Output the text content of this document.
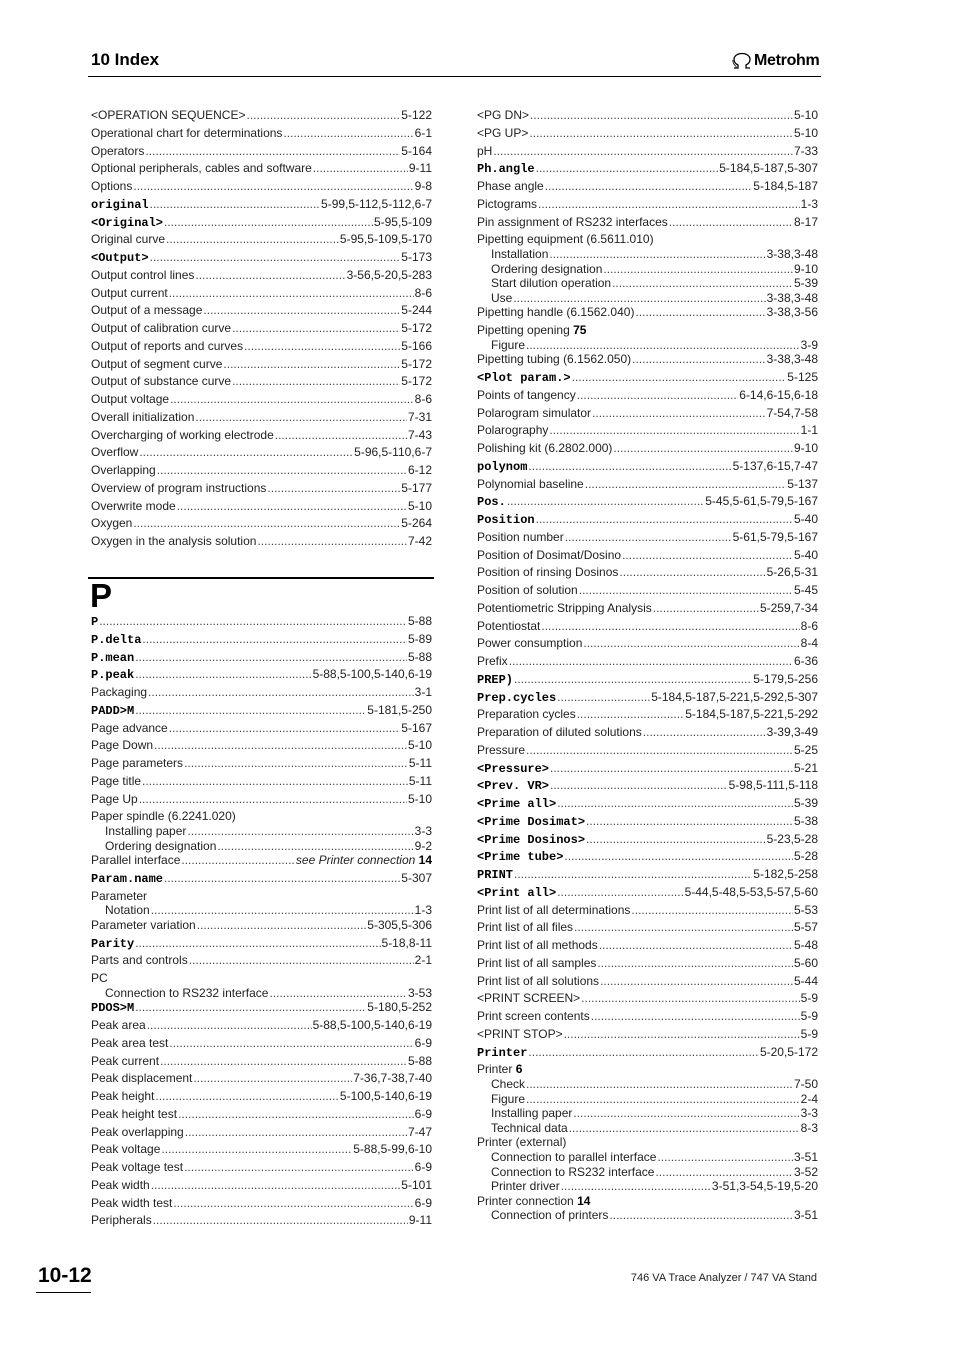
10 Index	Metrohm
<OPERATION SEQUENCE> .....	5-122
Operational chart for determinations .....	6-1
Operators .....	5-164
Optional peripherals, cables and software .....	9-11
Options .....	9-8
original .....	5-99,5-112,5-112,6-7
<Original> .....	5-95,5-109
Original curve .....	5-95,5-109,5-170
<Output> .....	5-173
Output control lines .....	3-56,5-20,5-283
Output current .....	8-6
Output of a message .....	5-244
Output of calibration curve .....	5-172
Output of reports and curves .....	5-166
Output of segment curve .....	5-172
Output of substance curve .....	5-172
Output voltage .....	8-6
Overall initialization .....	7-31
Overcharging of working electrode .....	7-43
Overflow .....	5-96,5-110,6-7
Overlapping .....	6-12
Overview of program instructions .....	5-177
Overwrite mode .....	5-10
Oxygen .....	5-264
Oxygen in the analysis solution .....	7-42
P
P .....	5-88
P.delta .....	5-89
P.mean .....	5-88
P.peak .....	5-88,5-100,5-140,6-19
Packaging .....	3-1
PADD>M .....	5-181,5-250
Page advance .....	5-167
Page Down .....	5-10
Page parameters .....	5-11
Page title .....	5-11
Page Up .....	5-10
Paper spindle (6.2241.020)
Installing paper .....	3-3
Ordering designation .....	9-2
Parallel interface .....	see Printer connection 14
Param.name .....	5-307
Parameter
Notation .....	1-3
Parameter variation .....	5-305,5-306
Parity .....	5-18,8-11
Parts and controls .....	2-1
PC
Connection to RS232 interface .....	3-53
PDOS>M .....	5-180,5-252
Peak area .....	5-88,5-100,5-140,6-19
Peak area test .....	6-9
Peak current .....	5-88
Peak displacement .....	7-36,7-38,7-40
Peak height .....	5-100,5-140,6-19
Peak height test .....	6-9
Peak overlapping .....	7-47
Peak voltage .....	5-88,5-99,6-10
Peak voltage test .....	6-9
Peak width .....	5-101
Peak width test .....	6-9
Peripherals .....	9-11
<PG DN> .....	5-10
<PG UP> .....	5-10
pH .....	7-33
Ph.angle .....	5-184,5-187,5-307
Phase angle .....	5-184,5-187
Pictograms .....	1-3
Pin assignment of RS232 interfaces .....	8-17
Pipetting equipment (6.5611.010)
Installation .....	3-38,3-48
Ordering designation .....	9-10
Start dilution operation .....	5-39
Use .....	3-38,3-48
Pipetting handle (6.1562.040) .....	3-38,3-56
Pipetting opening 75
Figure .....	3-9
Pipetting tubing (6.1562.050) .....	3-38,3-48
<Plot param.> .....	5-125
Points of tangency .....	6-14,6-15,6-18
Polarogram simulator .....	7-54,7-58
Polarography .....	1-1
Polishing kit (6.2802.000) .....	9-10
polynom .....	5-137,6-15,7-47
Polynomial baseline .....	5-137
Pos. .....	5-45,5-61,5-79,5-167
Position .....	5-40
Position number .....	5-61,5-79,5-167
Position of Dosimat/Dosino .....	5-40
Position of rinsing Dosinos .....	5-26,5-31
Position of solution .....	5-45
Potentiometric Stripping Analysis .....	5-259,7-34
Potentiostat .....	8-6
Power consumption .....	8-4
Prefix .....	6-36
PREP) .....	5-179,5-256
Prep.cycles .....	5-184,5-187,5-221,5-292,5-307
Preparation cycles .....	5-184,5-187,5-221,5-292
Preparation of diluted solutions .....	3-39,3-49
Pressure .....	5-25
<Pressure> .....	5-21
<Prev. VR> .....	5-98,5-111,5-118
<Prime all> .....	5-39
<Prime Dosimat> .....	5-38
<Prime Dosinos> .....	5-23,5-28
<Prime tube> .....	5-28
PRINT .....	5-182,5-258
<Print all> .....	5-44,5-48,5-53,5-57,5-60
Print list of all determinations .....	5-53
Print list of all files .....	5-57
Print list of all methods .....	5-48
Print list of all samples .....	5-60
Print list of all solutions .....	5-44
<PRINT SCREEN> .....	5-9
Print screen contents .....	5-9
<PRINT STOP> .....	5-9
Printer .....	5-20,5-172
Printer 6
Check .....	7-50
Figure .....	2-4
Installing paper .....	3-3
Technical data .....	8-3
Printer (external)
Connection to parallel interface .....	3-51
Connection to RS232 interface .....	3-52
Printer driver .....	3-51,3-54,5-19,5-20
Printer connection 14
Connection of printers .....	3-51
10-12	746 VA Trace Analyzer / 747 VA Stand
